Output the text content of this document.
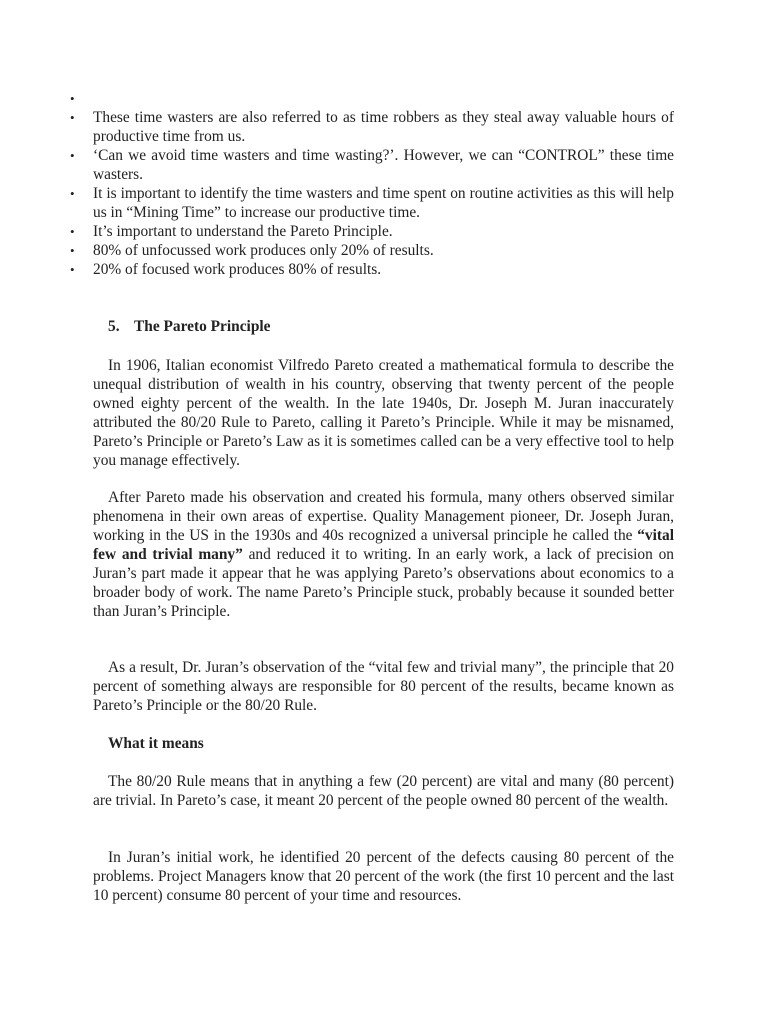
•
• These time wasters are also referred to as time robbers as they steal away valuable hours of productive time from us.
• ‘Can we avoid time wasters and time wasting?’. However, we can “CONTROL” these time wasters.
• It is important to identify the time wasters and time spent on routine activities as this will help us in “Mining Time” to increase our productive time.
• It’s important to understand the Pareto Principle.
• 80% of unfocussed work produces only 20% of results.
• 20% of focused work produces 80% of results.
5. The Pareto Principle

In 1906, Italian economist Vilfredo Pareto created a mathematical formula to describe the unequal distribution of wealth in his country, observing that twenty percent of the people owned eighty percent of the wealth. In the late 1940s, Dr. Joseph M. Juran inaccurately attributed the 80/20 Rule to Pareto, calling it Pareto’s Principle. While it may be misnamed, Pareto’s Principle or Pareto’s Law as it is sometimes called can be a very effective tool to help you manage effectively.

After Pareto made his observation and created his formula, many others observed similar phenomena in their own areas of expertise. Quality Management pioneer, Dr. Joseph Juran, working in the US in the 1930s and 40s recognized a universal principle he called the “vital few and trivial many” and reduced it to writing. In an early work, a lack of precision on Juran’s part made it appear that he was applying Pareto’s observations about economics to a broader body of work. The name Pareto’s Principle stuck, probably because it sounded better than Juran’s Principle.

As a result, Dr. Juran’s observation of the “vital few and trivial many”, the principle that 20 percent of something always are responsible for 80 percent of the results, became known as Pareto’s Principle or the 80/20 Rule.

What it means

The 80/20 Rule means that in anything a few (20 percent) are vital and many (80 percent) are trivial. In Pareto’s case, it meant 20 percent of the people owned 80 percent of the wealth.

In Juran’s initial work, he identified 20 percent of the defects causing 80 percent of the problems. Project Managers know that 20 percent of the work (the first 10 percent and the last 10 percent) consume 80 percent of your time and resources.
